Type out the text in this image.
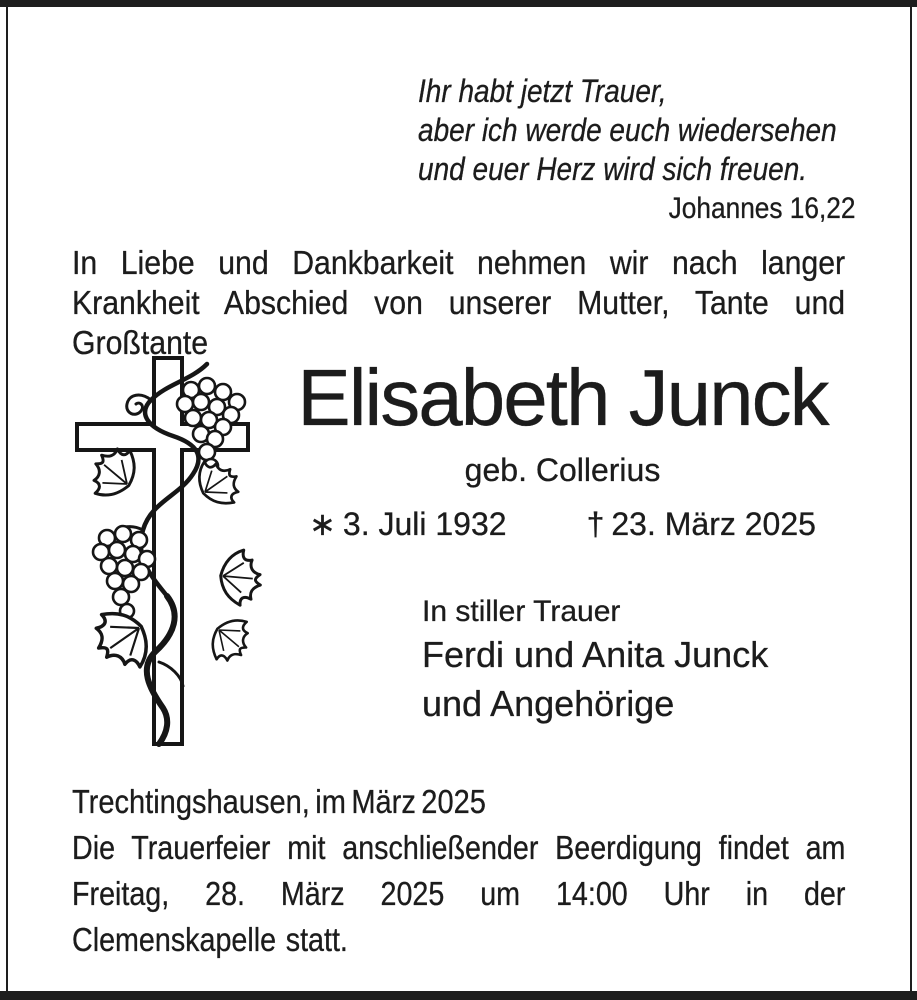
Ihr habt jetzt Trauer,
aber ich werde euch wiedersehen
und euer Herz wird sich freuen.
Johannes 16,22

In Liebe und Dankbarkeit nehmen wir nach langer Krankheit Abschied von unserer Mutter, Tante und Großtante

Elisabeth Junck
geb. Collerius
∗ 3. Juli 1932	† 23. März 2025
In stiller Trauer
Ferdi und Anita Junck
und Angehörige
Trechtingshausen, im März 2025

Die Trauerfeier mit anschließender Beerdigung findet am Freitag, 28. März 2025 um 14:00 Uhr in der Clemenskapelle statt.
